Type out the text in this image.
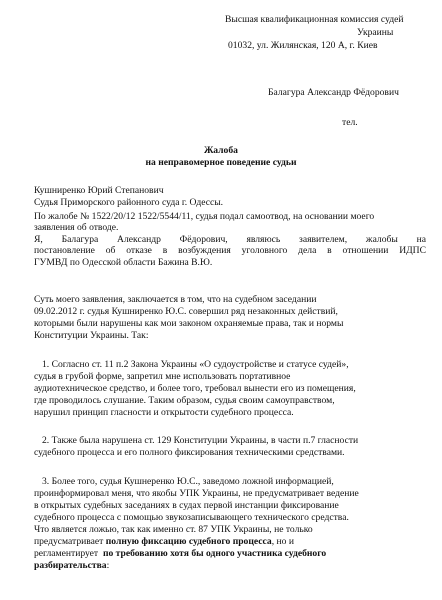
Высшая квалификационная комиссия судей
Украины
01032, ул. Жилянская, 120 А, г. Киев
Балагура Александр Фёдорович
тел.
Жалоба
на неправомерное поведение судьи
Кушниренко Юрий Степанович
Судья Приморского районного суда г. Одессы.
По жалобе № 1522/20/12 1522/5544/11, судья подал самоотвод, на основании моего
заявления об отводе.
Я, Балагура Александр Фёдорович, являюсь заявителем, жалобы на
постановление об отказе в возбуждения уголовного дела в отношении ИДПС
ГУМВД по Одесской области Бажина В.Ю.
Суть моего заявления, заключается в том, что на судебном заседании
09.02.2012 г. судья Кушниренко Ю.С. совершил ряд незаконных действий,
которыми были нарушены как мои законом охраняемые права, так и нормы
Конституции Украины. Так:
1. Согласно ст. 11 п.2 Закона Украины «О судоустройстве и статусе судей»,
судья в грубой форме, запретил мне использовать портативное
аудиотехническое средство, и более того, требовал вынести его из помещения,
где проводилось слушание. Таким образом, судья своим самоуправством,
нарушил принцип гласности и открытости судебного процесса.
2. Также была нарушена ст. 129 Конституции Украины, в части п.7 гласности
судебного процесса и его полного фиксирования техническими средствами.
3. Более того, судья Кушнеренко Ю.С., заведомо ложной информацией,
проинформировал меня, что якобы УПК Украины, не предусматривает ведение
в открытых судебных заседаниях в судах первой инстанции фиксирование
судебного процесса с помощью звукозаписывающего технического средства.
Что является ложью, так как именно ст. 87 УПК Украины, не только
предусматривает полную фиксацию судебного процесса, но и
регламентирует по требованию хотя бы одного участника судебного
разбирательства:
